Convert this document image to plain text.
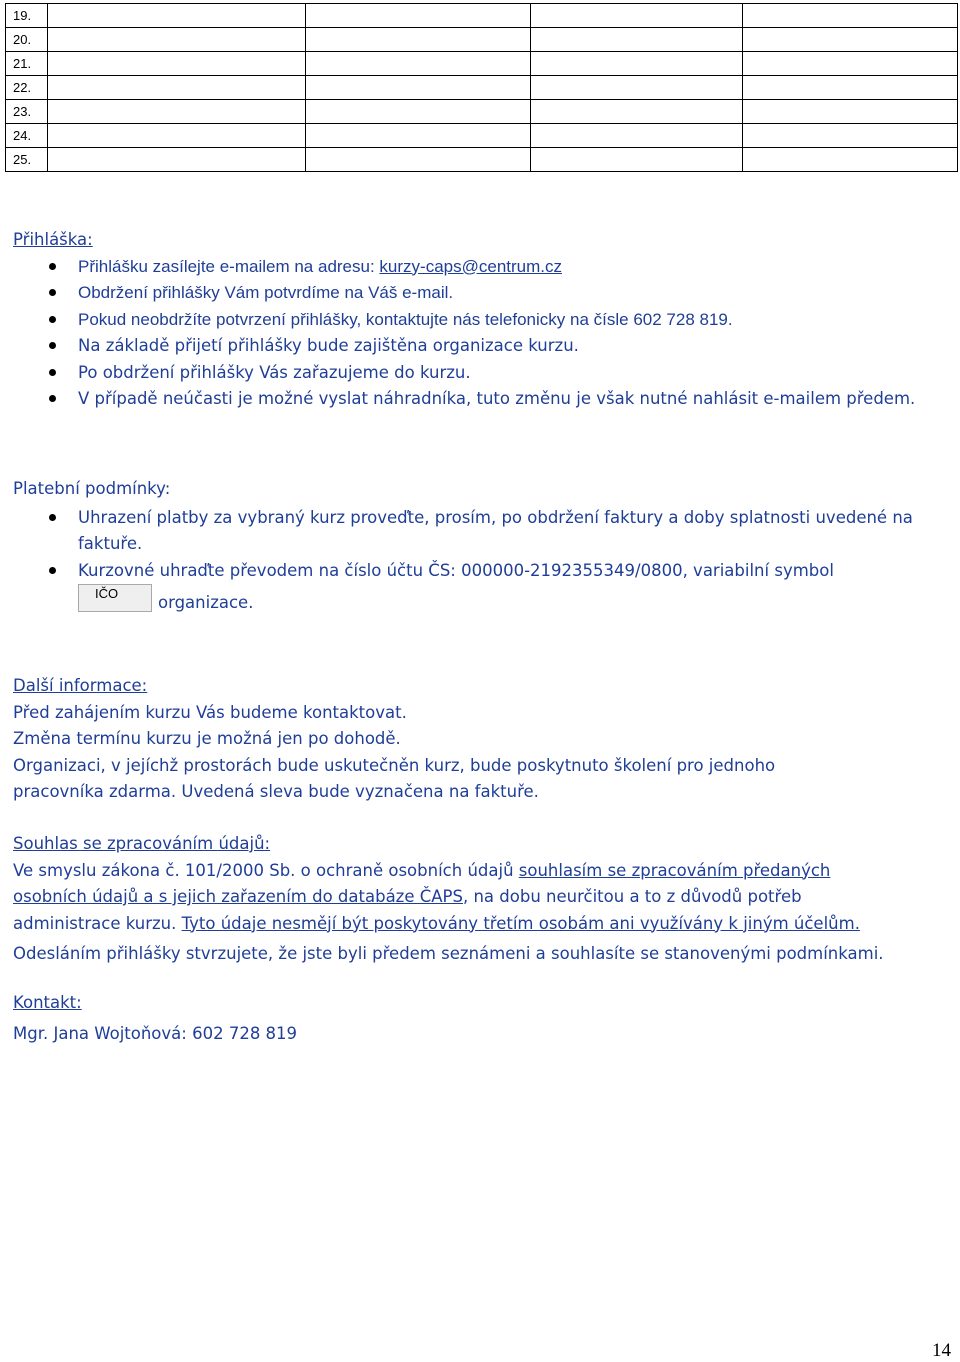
19.				
20.				
21.				
22.				
23.				
24.				
25.				
Přihláška:
Přihlášku zasílejte e-mailem na adresu: kurzy-caps@centrum.cz
Obdržení přihlášky Vám potvrdíme na Váš e-mail.
Pokud neobdržíte potvrzení přihlášky, kontaktujte nás telefonicky na čísle 602 728 819.
Na základě přijetí přihlášky bude zajištěna organizace kurzu.
Po obdržení přihlášky Vás zařazujeme do kurzu.
V případě neúčasti je možné vyslat náhradníka, tuto změnu je však nutné nahlásit e-mailem předem.
Platební podmínky:
Uhrazení platby za vybraný kurz proveďte, prosím, po obdržení faktury a doby splatnosti uvedené na faktuře.
Kurzovné uhraďte převodem na číslo účtu ČS: 000000-2192355349/0800, variabilní symbol

IČO organizace.
Další informace:
Před zahájením kurzu Vás budeme kontaktovat.
Změna termínu kurzu je možná jen po dohodě.
Organizaci, v jejíchž prostorách bude uskutečněn kurz, bude poskytnuto školení pro jednoho pracovníka zdarma. Uvedená sleva bude vyznačena na faktuře.
Souhlas se zpracováním údajů:
Ve smyslu zákona č. 101/2000 Sb. o ochraně osobních údajů souhlasím se zpracováním předaných osobních údajů a s jejich zařazením do databáze ČAPS, na dobu neurčitou a to z důvodů potřeb administrace kurzu. Tyto údaje nesmějí být poskytovány třetím osobám ani využívány k jiným účelům.
Odesláním přihlášky stvrzujete, že jste byli předem seznámeni a souhlasíte se stanovenými podmínkami.
Kontakt:
Mgr. Jana Wojtoňová: 602 728 819
14
